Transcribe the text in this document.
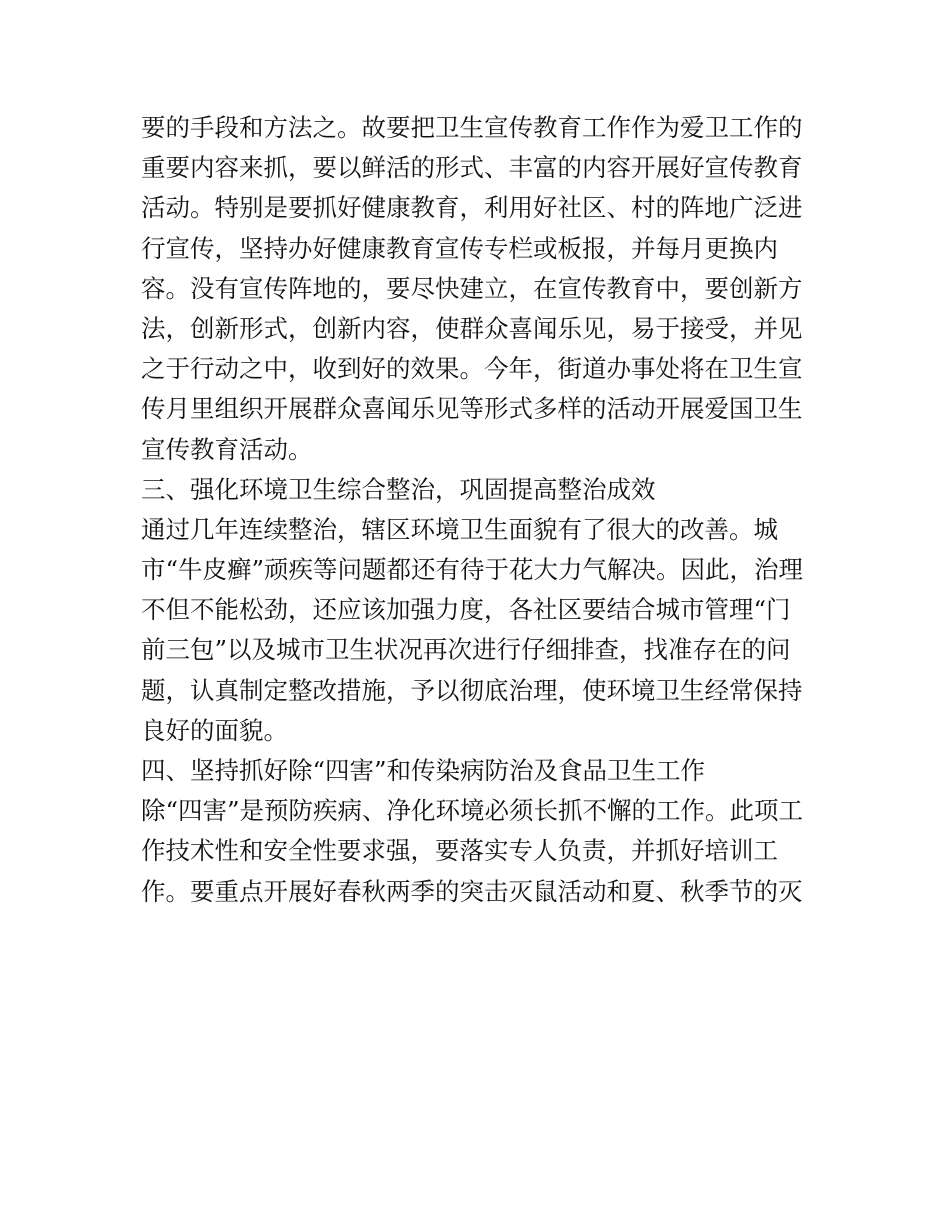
要的手段和方法之。故要把卫生宣传教育工作作为爱卫工作的
重要内容来抓，要以鲜活的形式、丰富的内容开展好宣传教育
活动。特别是要抓好健康教育，利用好社区、村的阵地广泛进
行宣传，坚持办好健康教育宣传专栏或板报，并每月更换内
容。没有宣传阵地的，要尽快建立，在宣传教育中，要创新方
法，创新形式，创新内容，使群众喜闻乐见，易于接受，并见
之于行动之中，收到好的效果。今年，街道办事处将在卫生宣
传月里组织开展群众喜闻乐见等形式多样的活动开展爱国卫生
宣传教育活动。
三、强化环境卫生综合整治，巩固提高整治成效
通过几年连续整治，辖区环境卫生面貌有了很大的改善。城
市“牛皮癣”顽疾等问题都还有待于花大力气解决。因此，治理
不但不能松劲，还应该加强力度，各社区要结合城市管理“门
前三包”以及城市卫生状况再次进行仔细排查，找准存在的问
题，认真制定整改措施，予以彻底治理，使环境卫生经常保持
良好的面貌。
四、坚持抓好除“四害”和传染病防治及食品卫生工作
除“四害”是预防疾病、净化环境必须长抓不懈的工作。此项工
作技术性和安全性要求强，要落实专人负责，并抓好培训工
作。要重点开展好春秋两季的突击灭鼠活动和夏、秋季节的灭
